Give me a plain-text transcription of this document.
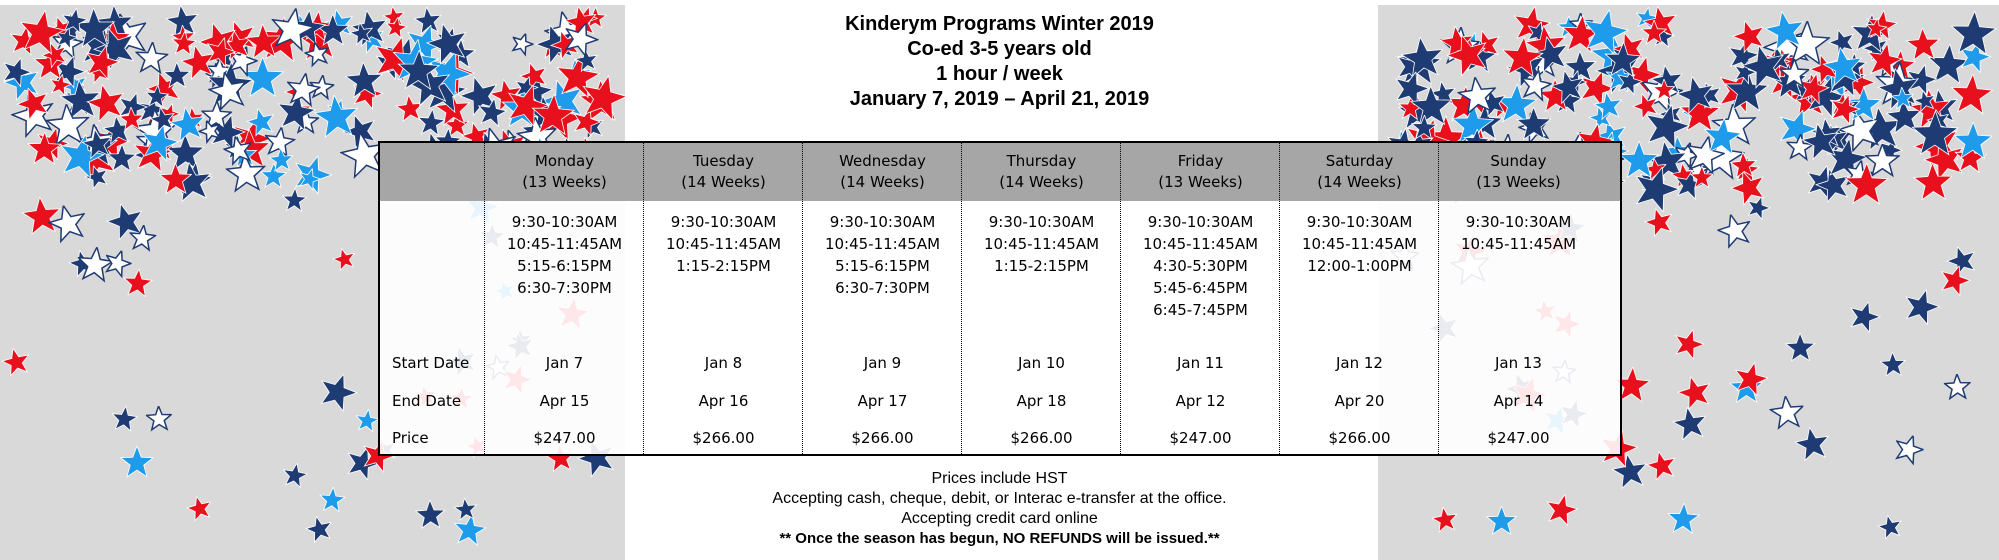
Kinderym Programs Winter 2019
Co-ed 3-5 years old
1 hour / week
January 7, 2019 – April 21, 2019
Start Date
End Date
Price
Monday
(13 Weeks)
9:30-10:30AM
10:45-11:45AM
5:15-6:15PM
6:30-7:30PM
Jan 7
Apr 15
$247.00
Tuesday
(14 Weeks)
9:30-10:30AM
10:45-11:45AM
1:15-2:15PM
Jan 8
Apr 16
$266.00
Wednesday
(14 Weeks)
9:30-10:30AM
10:45-11:45AM
5:15-6:15PM
6:30-7:30PM
Jan 9
Apr 17
$266.00
Thursday
(14 Weeks)
9:30-10:30AM
10:45-11:45AM
1:15-2:15PM
Jan 10
Apr 18
$266.00
Friday
(13 Weeks)
9:30-10:30AM
10:45-11:45AM
4:30-5:30PM
5:45-6:45PM
6:45-7:45PM
Jan 11
Apr 12
$247.00
Saturday
(14 Weeks)
9:30-10:30AM
10:45-11:45AM
12:00-1:00PM
Jan 12
Apr 20
$266.00
Sunday
(13 Weeks)
9:30-10:30AM
10:45-11:45AM
Jan 13
Apr 14
$247.00
Prices include HST
Accepting cash, cheque, debit, or Interac e-transfer at the office.
Accepting credit card online
** Once the season has begun, NO REFUNDS will be issued.**
